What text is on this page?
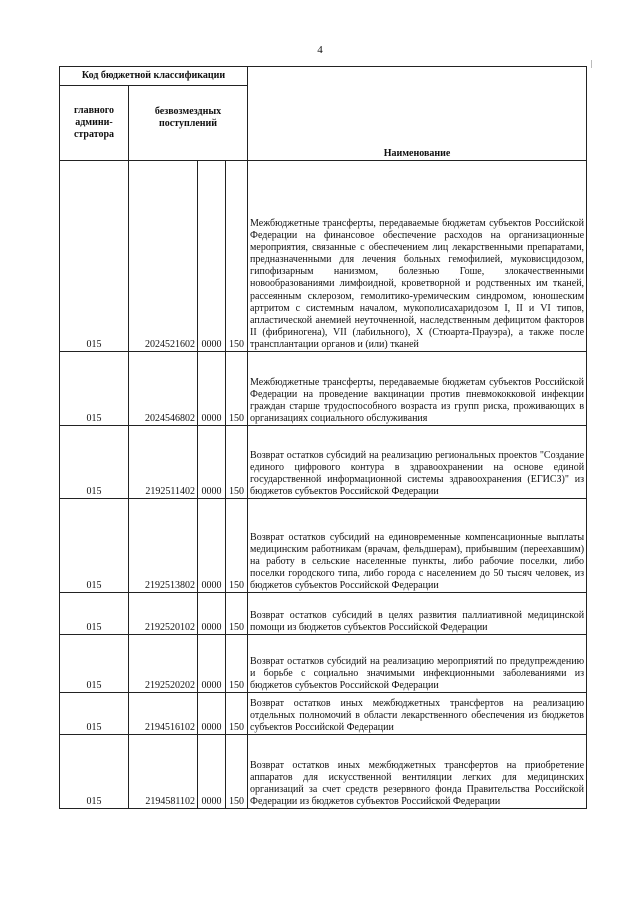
4
Код бюджетной классификации				Наименование
главного админи-стратора	безвозмездных поступлений			
015	2024521602	0000	150	Межбюджетные трансферты, передаваемые бюджетам субъектов Российской Федерации на финансовое обеспечение расходов на организационные мероприятия, связанные с обеспечением лиц лекарственными препаратами, предназначенными для лечения больных гемофилией, муковисцидозом, гипофизарным нанизмом, болезнью Гоше, злокачественными новообразованиями лимфоидной, кроветворной и родственных им тканей, рассеянным склерозом, гемолитико-уремическим синдромом, юношеским артритом с системным началом, мукополисахаридозом I, II и VI типов, апластической анемией неуточненной, наследственным дефицитом факторов II (фибриногена), VII (лабильного), X (Стюарта-Прауэра), а также после трансплантации органов и (или) тканей

015	2024546802	0000	150	Межбюджетные трансферты, передаваемые бюджетам субъектов Российской Федерации на проведение вакцинации против пневмококковой инфекции граждан старше трудоспособного возраста из групп риска, проживающих в организациях социального обслуживания

015	2192511402	0000	150	Возврат остатков субсидий на реализацию региональных проектов "Создание единого цифрового контура в здравоохранении на основе единой государственной информационной системы здравоохранения (ЕГИСЗ)" из бюджетов субъектов Российской Федерации

015	2192513802	0000	150	Возврат остатков субсидий на единовременные компенсационные выплаты медицинским работникам (врачам, фельдшерам), прибывшим (переехавшим) на работу в сельские населенные пункты, либо рабочие поселки, либо поселки городского типа, либо города с населением до 50 тысяч человек, из бюджетов субъектов Российской Федерации

015	2192520102	0000	150	Возврат остатков субсидий в целях развития паллиативной медицинской помощи из бюджетов субъектов Российской Федерации

015	2192520202	0000	150	Возврат остатков субсидий на реализацию мероприятий по предупреждению и борьбе с социально значимыми инфекционными заболеваниями из бюджетов субъектов Российской Федерации

015	2194516102	0000	150	Возврат остатков иных межбюджетных трансфертов на реализацию отдельных полномочий в области лекарственного обеспечения из бюджетов субъектов Российской Федерации

015	2194581102	0000	150	Возврат остатков иных межбюджетных трансфертов на приобретение аппаратов для искусственной вентиляции легких для медицинских организаций за счет средств резервного фонда Правительства Российской Федерации из бюджетов субъектов Российской Федерации
